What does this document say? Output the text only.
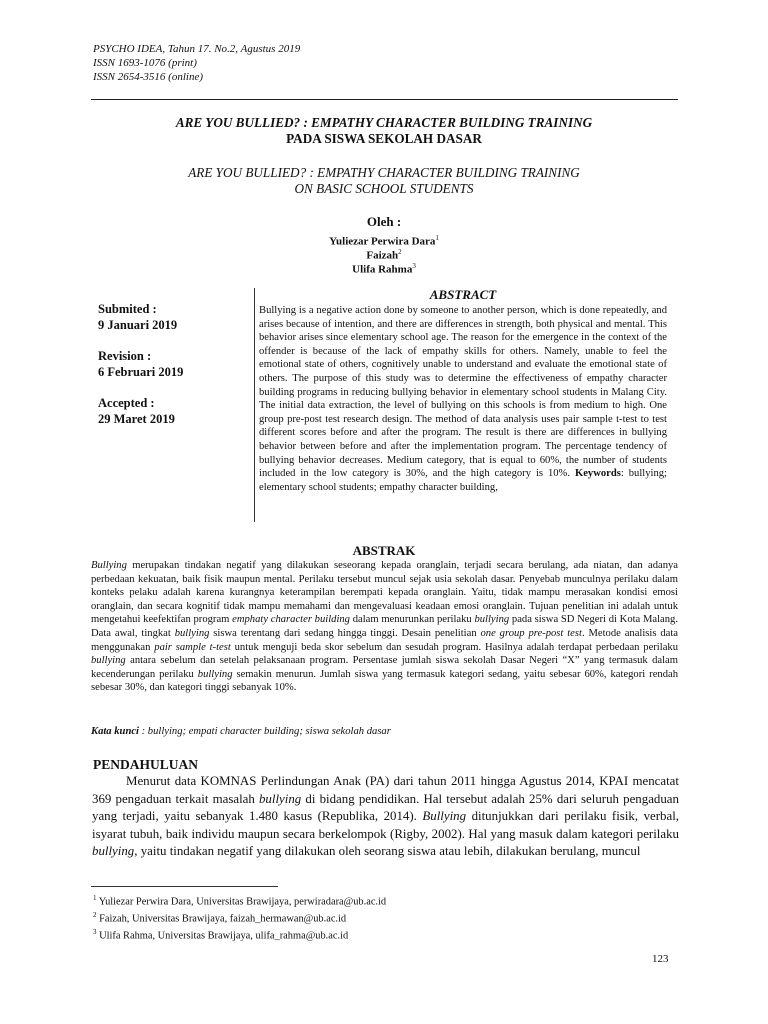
PSYCHO IDEA, Tahun 17. No.2, Agustus 2019
ISSN 1693-1076 (print)
ISSN 2654-3516 (online)
ARE YOU BULLIED? : EMPATHY CHARACTER BUILDING TRAINING
PADA SISWA SEKOLAH DASAR
ARE YOU BULLIED? : EMPATHY CHARACTER BUILDING TRAINING
ON BASIC SCHOOL STUDENTS
Oleh :
Yuliezar Perwira Dara$^1$
Faizah$^2$
Ulifa Rahma$^3$
Submited :
9 Januari 2019
Revision :
6 Februari 2019
Accepted :
29 Maret 2019
ABSTRACT
Bullying is a negative action done by someone to another person, which is done repeatedly, and arises because of intention, and there are differences in strength, both physical and mental. This behavior arises since elementary school age. The reason for the emergence in the context of the offender is because of the lack of empathy skills for others. Namely, unable to feel the emotional state of others, cognitively unable to understand and evaluate the emotional state of others. The purpose of this study was to determine the effectiveness of empathy character building programs in reducing bullying behavior in elementary school students in Malang City. The initial data extraction, the level of bullying on this schools is from medium to high. One group pre-post test research design. The method of data analysis uses pair sample t-test to test different scores before and after the program. The result is there are differences in bullying behavior between before and after the implementation program. The percentage tendency of bullying behavior decreases. Medium category, that is equal to 60%, the number of students included in the low category is 30%, and the high category is 10%. Keywords: bullying; elementary school students; empathy character building,
ABSTRAK
Bullying merupakan tindakan negatif yang dilakukan seseorang kepada oranglain, terjadi secara berulang, ada niatan, dan adanya perbedaan kekuatan, baik fisik maupun mental. Perilaku tersebut muncul sejak usia sekolah dasar. Penyebab munculnya perilaku dalam konteks pelaku adalah karena kurangnya keterampilan berempati kepada oranglain. Yaitu, tidak mampu merasakan kondisi emosi oranglain, dan secara kognitif tidak mampu memahami dan mengevaluasi keadaan emosi oranglain. Tujuan penelitian ini adalah untuk mengetahui keefektifan program emphaty character building dalam menurunkan perilaku bullying pada siswa SD Negeri di Kota Malang. Data awal, tingkat bullying siswa terentang dari sedang hingga tinggi. Desain penelitian one group pre-post test. Metode analisis data menggunakan pair sample t-test untuk menguji beda skor sebelum dan sesudah program. Hasilnya adalah terdapat perbedaan perilaku bullying antara sebelum dan setelah pelaksanaan program. Persentase jumlah siswa sekolah Dasar Negeri “X” yang termasuk dalam kecenderungan perilaku bullying semakin menurun. Jumlah siswa yang termasuk kategori sedang, yaitu sebesar 60%, kategori rendah sebesar 30%, dan kategori tinggi sebanyak 10%.
Kata kunci : bullying; empati character building; siswa sekolah dasar
PENDAHULUAN
Menurut data KOMNAS Perlindungan Anak (PA) dari tahun 2011 hingga Agustus 2014, KPAI mencatat 369 pengaduan terkait masalah bullying di bidang pendidikan. Hal tersebut adalah 25% dari seluruh pengaduan yang terjadi, yaitu sebanyak 1.480 kasus (Republika, 2014). Bullying ditunjukkan dari perilaku fisik, verbal, isyarat tubuh, baik individu maupun secara berkelompok (Rigby, 2002). Hal yang masuk dalam kategori perilaku bullying, yaitu tindakan negatif yang dilakukan oleh seorang siswa atau lebih, dilakukan berulang, muncul
$^1$ Yuliezar Perwira Dara, Universitas Brawijaya, perwiradara@ub.ac.id
$^2$ Faizah, Universitas Brawijaya, faizah_hermawan@ub.ac.id
$^3$ Ulifa Rahma, Universitas Brawijaya, ulifa_rahma@ub.ac.id
123
